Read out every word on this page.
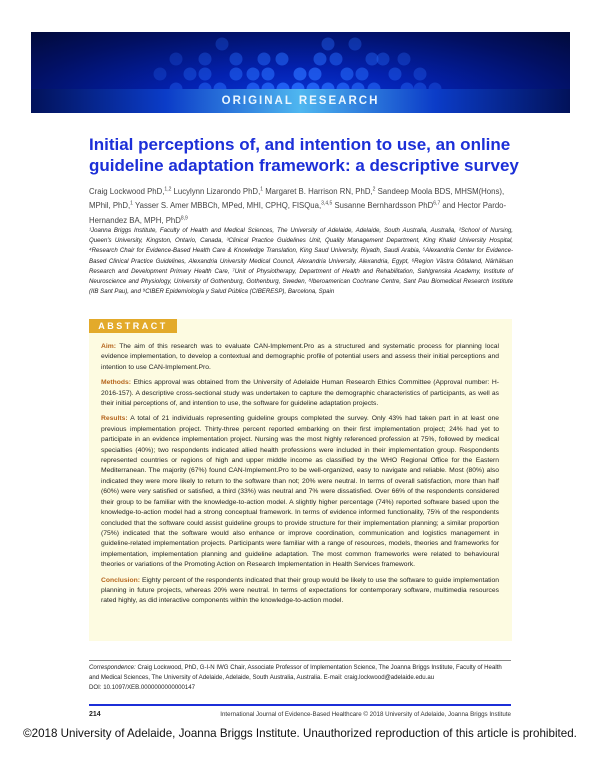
ORIGINAL RESEARCH
Initial perceptions of, and intention to use, an online guideline adaptation framework: a descriptive survey
Craig Lockwood PhD,$^{1,2}$ Lucylynn Lizarondo PhD,$^1$ Margaret B. Harrison RN, PhD,$^2$ Sandeep Moola BDS, MHSM(Hons), MPhil, PhD,$^1$ Yasser S. Amer MBBCh, MPed, MHI, CPHQ, FISQua,$^{3,4,5}$ Susanne Bernhardsson PhD$^{6,7}$ and Hector Pardo-Hernandez BA, MPH, PhD$^{8,9}$
¹Joanna Briggs Institute, Faculty of Health and Medical Sciences, The University of Adelaide, Adelaide, South Australia, Australia, ²School of Nursing, Queen's University, Kingston, Ontario, Canada, ³Clinical Practice Guidelines Unit, Quality Management Department, King Khalid University Hospital, ⁴Research Chair for Evidence-Based Health Care & Knowledge Translation, King Saud University, Riyadh, Saudi Arabia, ⁵Alexandria Center for Evidence-Based Clinical Practice Guidelines, Alexandria University Medical Council, Alexandria University, Alexandria, Egypt, ⁶Region Västra Götaland, Närhälsan Research and Development Primary Health Care, ⁷Unit of Physiotherapy, Department of Health and Rehabilitation, Sahlgrenska Academy, Institute of Neuroscience and Physiology, University of Gothenburg, Gothenburg, Sweden, ⁸Iberoamerican Cochrane Centre, Sant Pau Biomedical Research Institute (IIB Sant Pau), and ⁹CIBER Epidemiología y Salud Pública (CIBERESP), Barcelona, Spain
ABSTRACT

Aim: The aim of this research was to evaluate CAN-Implement.Pro as a structured and systematic process for planning local evidence implementation, to develop a contextual and demographic profile of potential users and assess their initial perceptions and intention to use CAN-Implement.Pro.

Methods: Ethics approval was obtained from the University of Adelaide Human Research Ethics Committee (Approval number: H-2016-157). A descriptive cross-sectional study was undertaken to capture the demographic characteristics of participants, as well as their initial perceptions of, and intention to use, the software for guideline adaptation projects.

Results: A total of 21 individuals representing guideline groups completed the survey. Only 43% had taken part in at least one previous implementation project. Thirty-three percent reported embarking on their first implementation project; 24% had yet to participate in an evidence implementation project. Nursing was the most highly referenced profession at 75%, followed by medical specialties (40%); two respondents indicated allied health professions were included in their implementation group. Respondents represented countries or regions of high and upper middle income as classified by the WHO Regional Office for the Eastern Mediterranean. The majority (67%) found CAN-Implement.Pro to be well-organized, easy to navigate and reliable. Most (80%) also indicated they were more likely to return to the software than not; 20% were neutral. In terms of overall satisfaction, more than half (60%) were very satisfied or satisfied, a third (33%) was neutral and 7% were dissatisfied. Over 66% of the respondents considered their group to be familiar with the knowledge-to-action model. A slightly higher percentage (74%) reported software based upon the knowledge-to-action model had a strong conceptual framework. In terms of evidence informed functionality, 75% of the respondents concluded that the software could assist guideline groups to provide structure for their implementation planning; a similar proportion (75%) indicated that the software would also enhance or improve coordination, communication and logistics management in guideline-related implementation projects. Participants were familiar with a range of resources, models, theories and frameworks for implementation, implementation planning and guideline adaptation. The most common frameworks were related to behavioural theories or variations of the Promoting Action on Research Implementation in Health Services framework.

Conclusion: Eighty percent of the respondents indicated that their group would be likely to use the software to guide implementation planning in future projects, whereas 20% were neutral. In terms of expectations for contemporary software, multimedia resources rated highly, as did interactive components within the knowledge-to-action model.

Correspondence: Craig Lockwood, PhD, G-I-N IWG Chair, Associate Professor of Implementation Science, The Joanna Briggs Institute, Faculty of Health and Medical Sciences, The University of Adelaide, Adelaide, South Australia, Australia. E-mail: craig.lockwood@adelaide.edu.au
DOI: 10.1097/XEB.0000000000000147
214	International Journal of Evidence-Based Healthcare © 2018 University of Adelaide, Joanna Briggs Institute
©2018 University of Adelaide, Joanna Briggs Institute. Unauthorized reproduction of this article is prohibited.
